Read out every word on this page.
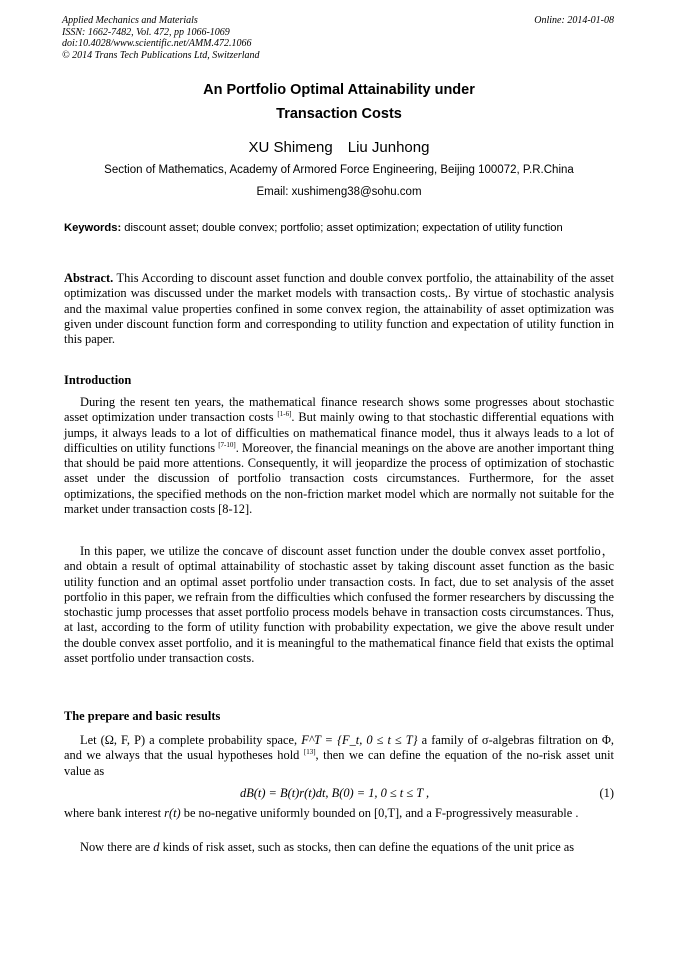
Applied Mechanics and Materials
ISSN: 1662-7482, Vol. 472, pp 1066-1069
doi:10.4028/www.scientific.net/AMM.472.1066
© 2014 Trans Tech Publications Ltd, Switzerland
Online: 2014-01-08
An Portfolio Optimal Attainability under
Transaction Costs
XU Shimeng Liu Junhong
Section of Mathematics, Academy of Armored Force Engineering, Beijing 100072, P.R.China
Email: xushimeng38@sohu.com
Keywords: discount asset; double convex; portfolio; asset optimization; expectation of utility function
Abstract. This According to discount asset function and double convex portfolio, the attainability of the asset optimization was discussed under the market models with transaction costs,. By virtue of stochastic analysis and the maximal value properties confined in some convex region, the attainability of asset optimization was given under discount function form and corresponding to utility function and expectation of utility function in this paper.
Introduction
During the resent ten years, the mathematical finance research shows some progresses about stochastic asset optimization under transaction costs [1-6]. But mainly owing to that stochastic differential equations with jumps, it always leads to a lot of difficulties on mathematical finance model, thus it always leads to a lot of difficulties on utility functions [7-10]. Moreover, the financial meanings on the above are another important thing that should be paid more attentions. Consequently, it will jeopardize the process of optimization of stochastic asset under the discussion of portfolio transaction costs circumstances. Furthermore, for the asset optimizations, the specified methods on the non-friction market model which are normally not suitable for the market under transaction costs [8-12].
In this paper, we utilize the concave of discount asset function under the double convex asset portfolio，and obtain a result of optimal attainability of stochastic asset by taking discount asset function as the basic utility function and an optimal asset portfolio under transaction costs. In fact, due to set analysis of the asset portfolio in this paper, we refrain from the difficulties which confused the former researchers by discussing the stochastic jump processes that asset portfolio process models behave in transaction costs circumstances. Thus, at last, according to the form of utility function with probability expectation, we give the above result under the double convex asset portfolio, and it is meaningful to the mathematical finance field that exists the optimal asset portfolio under transaction costs.
The prepare and basic results
Let (Ω, F, P) a complete probability space, F^T = {F_t, 0 ≤ t ≤ T} a family of σ-algebras filtration on Φ, and we always that the usual hypotheses hold [13], then we can define the equation of the no-risk asset unit value as
dB(t) = B(t)r(t)dt, B(0) = 1, 0 ≤ t ≤ T ,	(1)
where bank interest r(t) be no-negative uniformly bounded on [0,T], and a F-progressively measurable .
Now there are d kinds of risk asset, such as stocks, then can define the equations of the unit price as
